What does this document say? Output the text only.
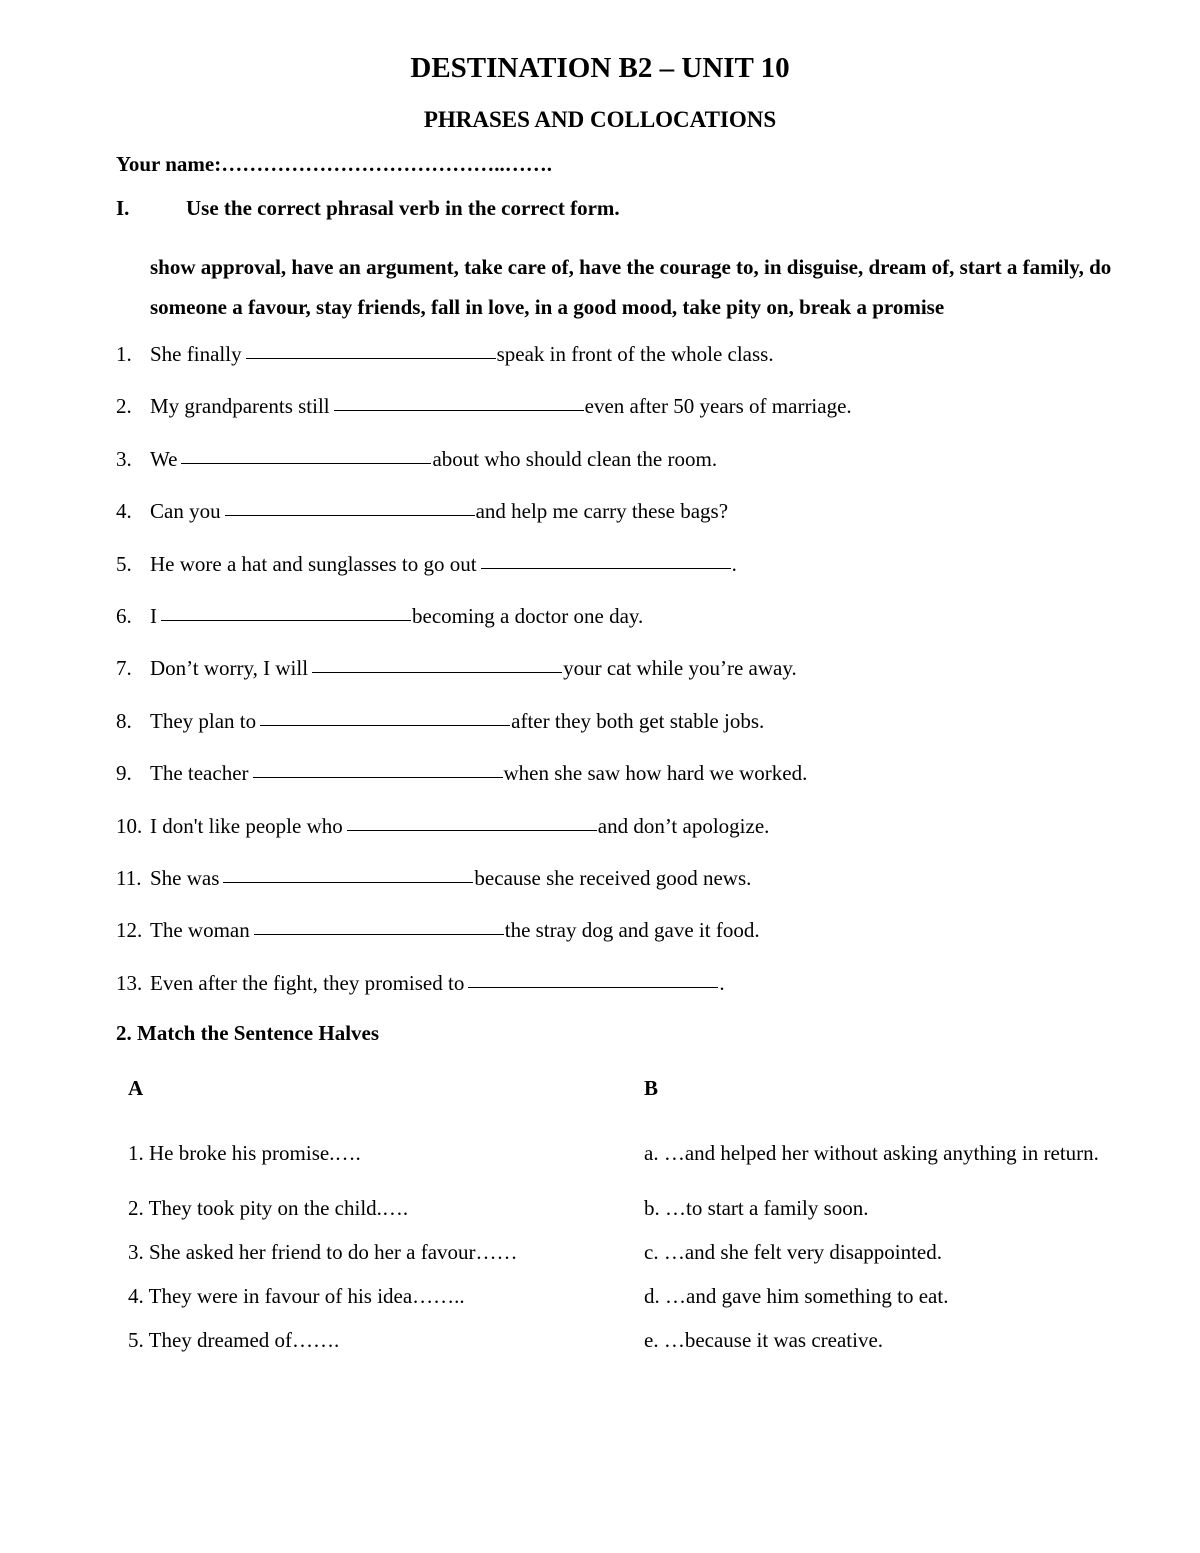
DESTINATION B2 – UNIT 10
PHRASES AND COLLOCATIONS
Your name:…………………………………..…….
I.	Use the correct phrasal verb in the correct form.
show approval, have an argument, take care of, have the courage to, in disguise, dream of, start a family, do someone a favour, stay friends, fall in love, in a good mood, take pity on, break a promise
1. She finally	speak in front of the whole class.
2. My grandparents still	even after 50 years of marriage.
3. We	about who should clean the room.
4. Can you	and help me carry these bags?
5. He wore a hat and sunglasses to go out	.
6. I	becoming a doctor one day.
7. Don’t worry, I will	your cat while you’re away.
8. They plan to	after they both get stable jobs.
9. The teacher	when she saw how hard we worked.
10. I don't like people who	and don’t apologize.
11. She was	because she received good news.
12. The woman	the stray dog and gave it food.
13. Even after the fight, they promised to	.
2. Match the Sentence Halves
A	B
1. He broke his promise.….	a. …and helped her without asking anything in return.
2. They took pity on the child.….	b. …to start a family soon.
3. She asked her friend to do her a favour……	c. …and she felt very disappointed.
4. They were in favour of his idea……..	d. …and gave him something to eat.
5. They dreamed of…….	e. …because it was creative.
